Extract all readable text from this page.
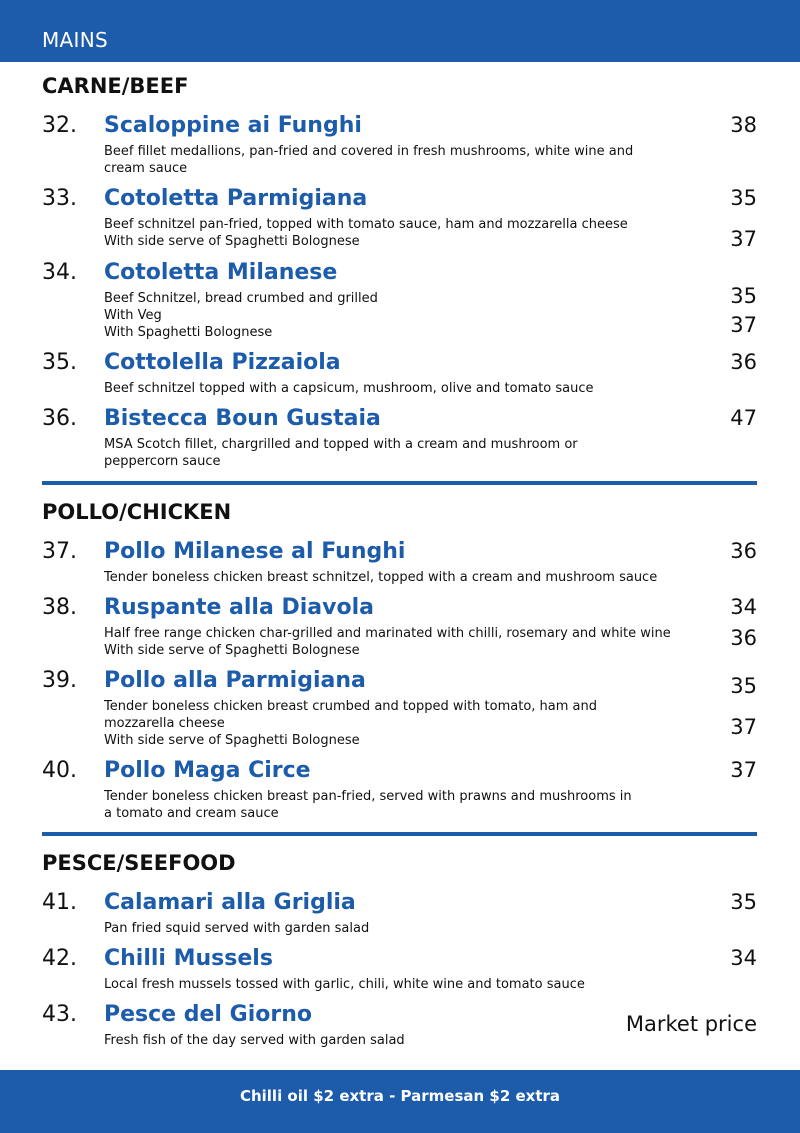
MAINS
CARNE/BEEF
32. Scaloppine ai Funghi
Beef fillet medallions, pan-fried and covered in fresh mushrooms, white wine and
cream sauce
38
33. Cotoletta Parmigiana
Beef schnitzel pan-fried, topped with tomato sauce, ham and mozzarella cheese
With side serve of Spaghetti Bolognese
35
37
34. Cotoletta Milanese
Beef Schnitzel, bread crumbed and grilled
With Veg
With Spaghetti Bolognese
35
37
35. Cottolella Pizzaiola
Beef schnitzel topped with a capsicum, mushroom, olive and tomato sauce
36
36. Bistecca Boun Gustaia
MSA Scotch fillet, chargrilled and topped with a cream and mushroom or
peppercorn sauce
47
POLLO/CHICKEN
37. Pollo Milanese al Funghi
Tender boneless chicken breast schnitzel, topped with a cream and mushroom sauce
36
38. Ruspante alla Diavola
Half free range chicken char-grilled and marinated with chilli, rosemary and white wine
With side serve of Spaghetti Bolognese
34
36
39. Pollo alla Parmigiana
Tender boneless chicken breast crumbed and topped with tomato, ham and
mozzarella cheese
With side serve of Spaghetti Bolognese
35
37
40. Pollo Maga Circe
Tender boneless chicken breast pan-fried, served with prawns and mushrooms in
a tomato and cream sauce
37
PESCE/SEEFOOD
41. Calamari alla Griglia
Pan fried squid served with garden salad
35
42. Chilli Mussels
Local fresh mussels tossed with garlic, chili, white wine and tomato sauce
34
43. Pesce del Giorno
Fresh fish of the day served with garden salad
Market price
Chilli oil $2 extra - Parmesan $2 extra
